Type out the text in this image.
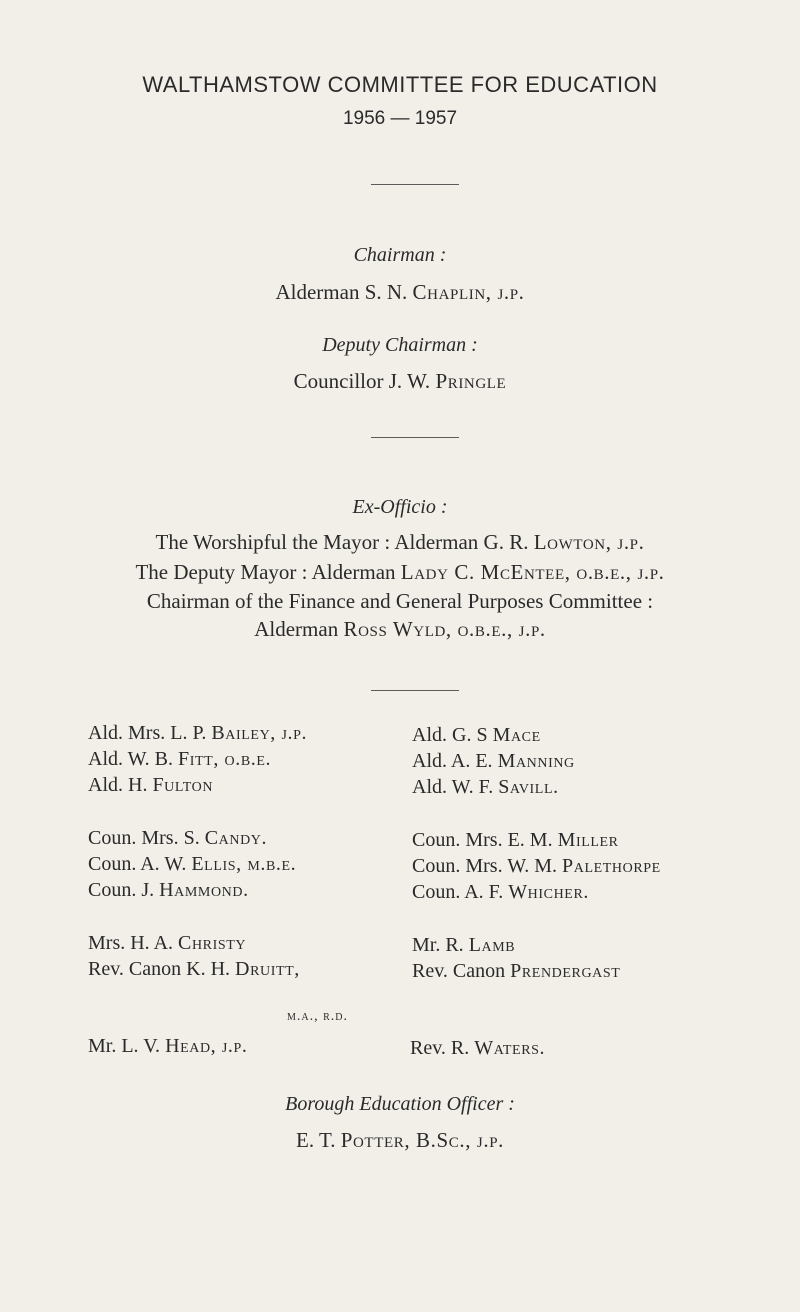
WALTHAMSTOW COMMITTEE FOR EDUCATION
1956 — 1957
Chairman :
Alderman S. N. Chaplin, j.p.
Deputy Chairman :
Councillor J. W. Pringle
Ex-Officio :
The Worshipful the Mayor : Alderman G. R. Lowton, j.p.
The Deputy Mayor : Alderman Lady C. McEntee, o.b.e., j.p.
Chairman of the Finance and General Purposes Committee :
Alderman Ross Wyld, o.b.e., j.p.
Ald. Mrs. L. P. Bailey, j.p.
Ald. W. B. Fitt, o.b.e.
Ald. H. Fulton
Coun. Mrs. S. Candy.
Coun. A. W. Ellis, m.b.e.
Coun. J. Hammond.
Mrs. H. A. Christy
Rev. Canon K. H. Druitt,
m.a., r.d.
Mr. L. V. Head, j.p.
Ald. G. S Mace
Ald. A. E. Manning
Ald. W. F. Savill.
Coun. Mrs. E. M. Miller
Coun. Mrs. W. M. Palethorpe
Coun. A. F. Whicher.
Mr. R. Lamb
Rev. Canon Prendergast
Rev. R. Waters.
Borough Education Officer :
E. T. Potter, B.Sc., j.p.
